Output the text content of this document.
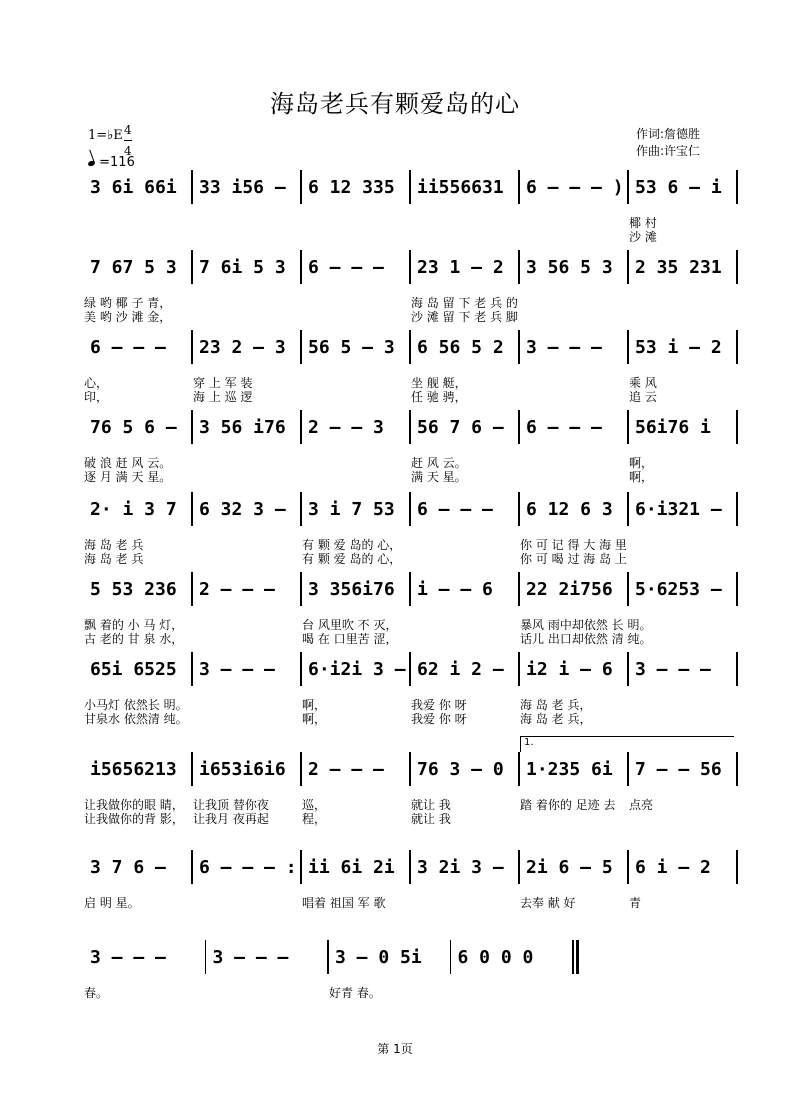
海岛老兵有颗爱岛的心
1=♭E 4
4
=116
作词:詹德胜
作曲:许宝仁
3 6i 66i	33 i56 –	6 12 335	ii556631	6 – – – ) 53 6 – i
椰 村
沙 滩
7 67 5 3	7 6i 5 3	6 – – –	23 1 – 2	3 56 5 3	2 35 231
绿 哟 椰 子 青，	海 岛 留 下 老 兵 的
美 哟 沙 滩 金，	沙 滩 留 下 老 兵 脚
6 – – –	23 2 – 3	56 5 – 3	6 56 5 2	3 – – –	53 i – 2
心，	穿 上 军 装	坐 舰 艇，	乘 风
印，	海 上 巡 逻	任 驰 骋，	追 云
76 5 6 –	3 56 i76	2 – – 3	56 7 6 –	6 – – –	56i76 i
破 浪 赶 风 云。	赶 风 云。	啊，
逐 月 满 天 星。	满 天 星。	啊，
2· i 3 7	6 32 3 –	3 i 7 53	6 – – –	6 12 6 3	6·i321 –
海 岛 老 兵	有 颗 爱 岛的 心，	你 可 记 得 大 海 里
海 岛 老 兵	有 颗 爱 岛的 心，	你 可 喝 过 海 岛 上
5 53 236	2 – – –	3 356i76	i – – 6	22 2i756	5·6253 –
飘 着的 小 马 灯，	台 风里吹 不 灭，	暴风 雨中却依然 长 明。
古 老的 甘 泉 水，	喝 在 口里苦 涩，	话儿 出口却依然 清 纯。
65i 6525	3 – – –	6·i2i 3 – 62 i 2 –	i2 i – 6	3 – – –
小马灯 依然长 明。	啊，	我爱 你 呀	海 岛 老 兵，
甘泉水 依然清 纯。	啊，	我爱 你 呀	海 岛 老 兵，
i5656213	i653i6i6	2 – – –	76 3 – 0	1·235 6i	7 – – 56
1.
让我做你的眼 睛， 让我顶 替你夜	巡，	就让 我	踏 着你的 足迹 去 点亮
让我做你的背 影， 让我月 夜再起	程，	就让 我
3 7 6 –	6 – – – : ii 6i 2i	3 2i 3 –	2i 6 – 5	6 i – 2
启 明 星。	唱着 祖国 军 歌	去奉 献 好	青
3 – – –	3 – – –	3 – 0 5i	6 0 0 0
春。	好青 春。
第 1页
